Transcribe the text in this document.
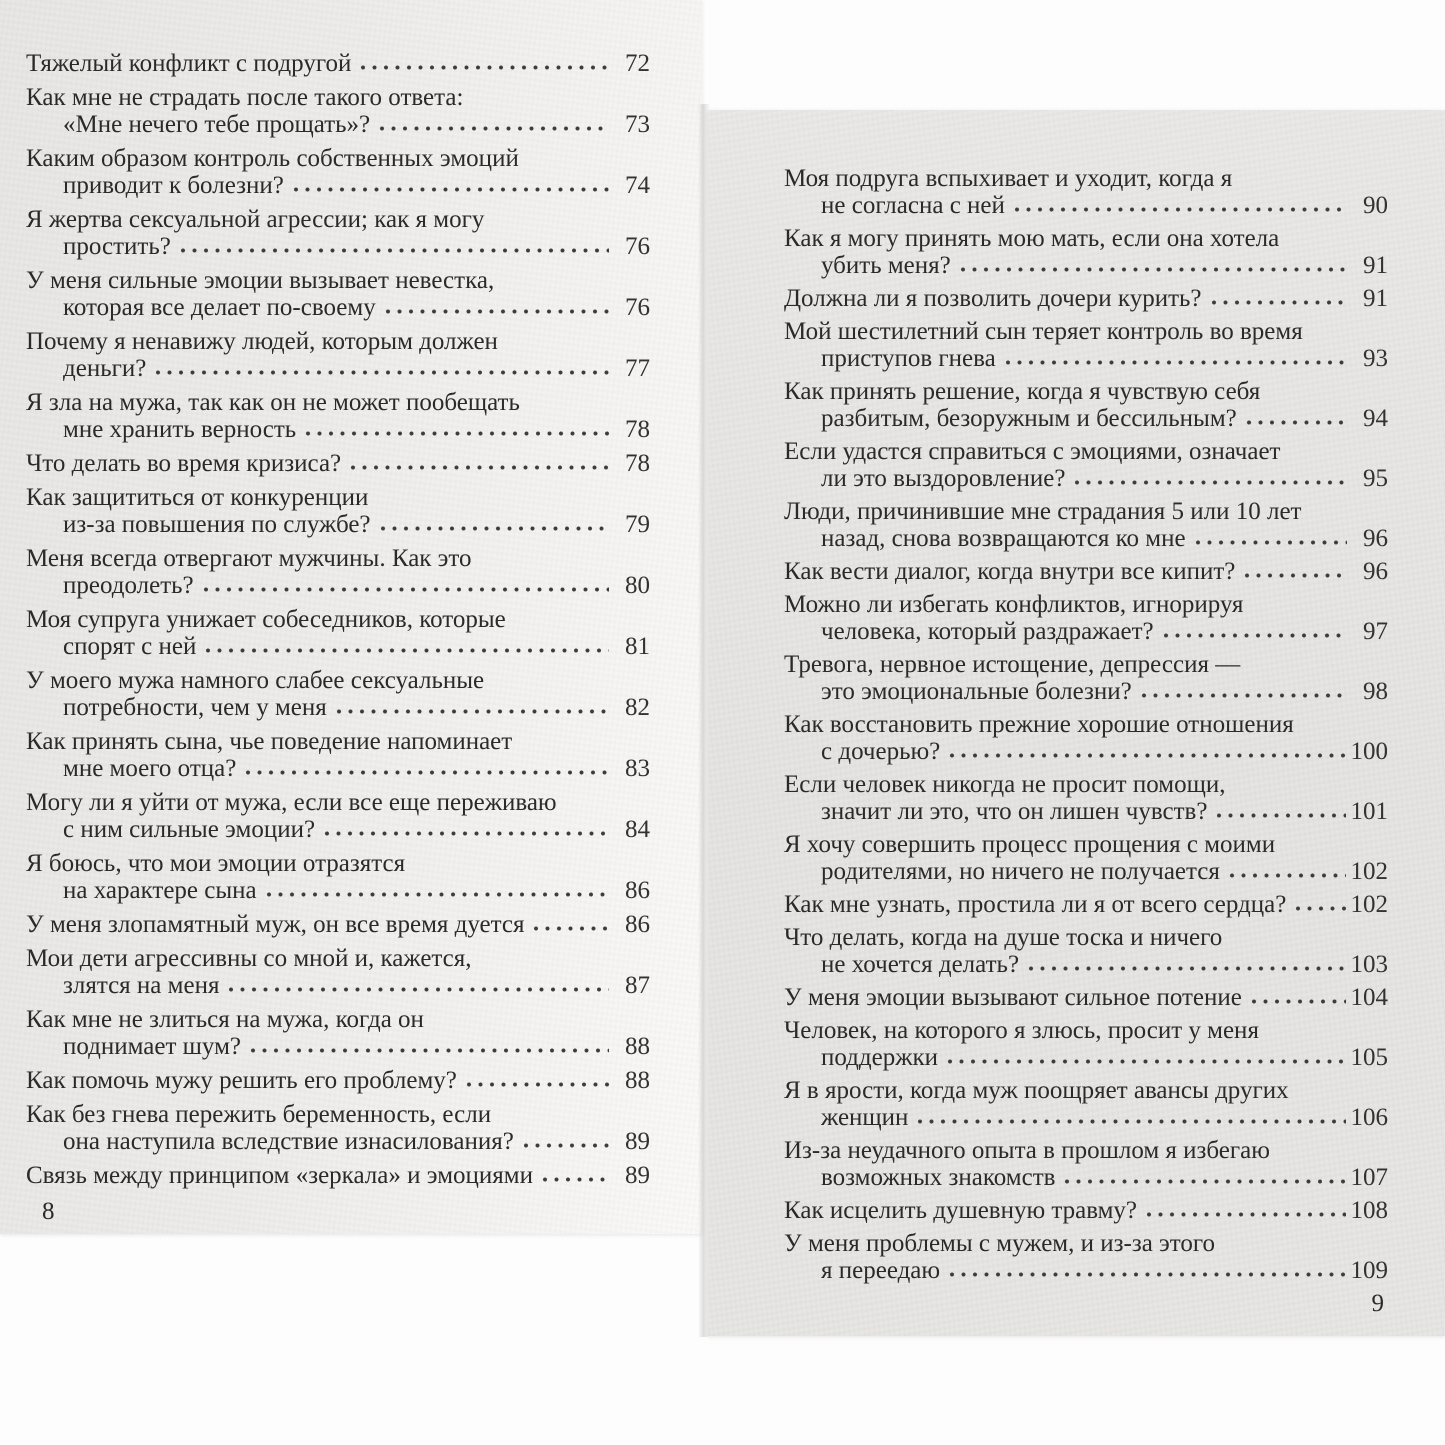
Тяжелый конфликт с подругой	72
Как мне не страдать после такого ответа:
«Мне нечего тебе прощать»?	73
Каким образом контроль собственных эмоций
приводит к болезни?	74
Я жертва сексуальной агрессии; как я могу
простить?	76
У меня сильные эмоции вызывает невестка,
которая все делает по-своему	76
Почему я ненавижу людей, которым должен
деньги?	77
Я зла на мужа, так как он не может пообещать
мне хранить верность	78
Что делать во время кризиса?	78
Как защититься от конкуренции
из-за повышения по службе?	79
Меня всегда отвергают мужчины. Как это
преодолеть?	80
Моя супруга унижает собеседников, которые
спорят с ней	81
У моего мужа намного слабее сексуальные
потребности, чем у меня	82
Как принять сына, чье поведение напоминает
мне моего отца?	83
Могу ли я уйти от мужа, если все еще переживаю
с ним сильные эмоции?	84
Я боюсь, что мои эмоции отразятся
на характере сына	86
У меня злопамятный муж, он все время дуется	86
Мои дети агрессивны со мной и, кажется,
злятся на меня	87
Как мне не злиться на мужа, когда он
поднимает шум?	88
Как помочь мужу решить его проблему?	88
Как без гнева пережить беременность, если
она наступила вследствие изнасилования?	89
Связь между принципом «зеркала» и эмоциями	89
8
Моя подруга вспыхивает и уходит, когда я
не согласна с ней	90
Как я могу принять мою мать, если она хотела
убить меня?	91
Должна ли я позволить дочери курить?	91
Мой шестилетний сын теряет контроль во время
приступов гнева	93
Как принять решение, когда я чувствую себя
разбитым, безоружным и бессильным?	94
Если удастся справиться с эмоциями, означает
ли это выздоровление?	95
Люди, причинившие мне страдания 5 или 10 лет
назад, снова возвращаются ко мне	96
Как вести диалог, когда внутри все кипит?	96
Можно ли избегать конфликтов, игнорируя
человека, который раздражает?	97
Тревога, нервное истощение, депрессия —
это эмоциональные болезни?	98
Как восстановить прежние хорошие отношения
с дочерью?	100
Если человек никогда не просит помощи,
значит ли это, что он лишен чувств?	101
Я хочу совершить процесс прощения с моими
родителями, но ничего не получается	102
Как мне узнать, простила ли я от всего сердца?	102
Что делать, когда на душе тоска и ничего
не хочется делать?	103
У меня эмоции вызывают сильное потение	104
Человек, на которого я злюсь, просит у меня
поддержки	105
Я в ярости, когда муж поощряет авансы других
женщин	106
Из-за неудачного опыта в прошлом я избегаю
возможных знакомств	107
Как исцелить душевную травму?	108
У меня проблемы с мужем, и из-за этого
я переедаю	109
9
